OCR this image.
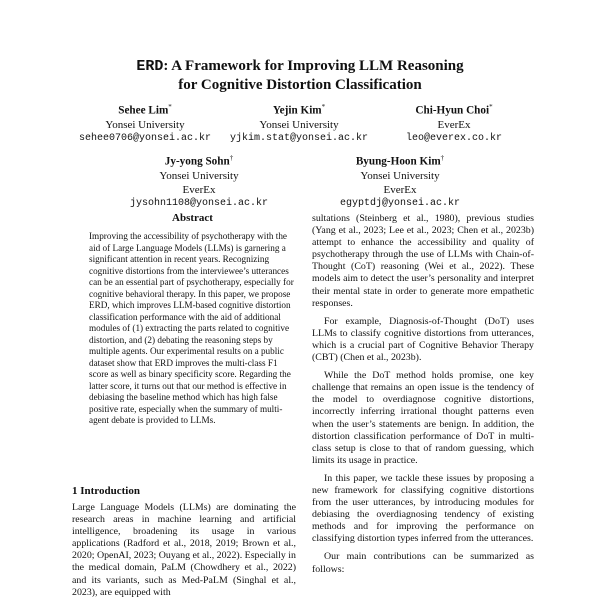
ERD: A Framework for Improving LLM Reasoning
for Cognitive Distortion Classification
Sehee Lim*
Yonsei University
sehee0706@yonsei.ac.kr
Yejin Kim*
Yonsei University
yjkim.stat@yonsei.ac.kr
Chi-Hyun Choi*
EverEx
leo@everex.co.kr
Jy-yong Sohn†
Yonsei University
EverEx
jysohn1108@yonsei.ac.kr
Byung-Hoon Kim†
Yonsei University
EverEx
egyptdj@yonsei.ac.kr
Abstract
Improving the accessibility of psychotherapy with the aid of Large Language Models (LLMs) is garnering a significant attention in recent years. Recognizing cognitive distortions from the interviewee’s utterances can be an essential part of psychotherapy, especially for cognitive behavioral therapy. In this paper, we propose ERD, which improves LLM-based cognitive distortion classification performance with the aid of additional modules of (1) extracting the parts related to cognitive distortion, and (2) debating the reasoning steps by multiple agents. Our experimental results on a public dataset show that ERD improves the multi-class F1 score as well as binary specificity score. Regarding the latter score, it turns out that our method is effective in debiasing the baseline method which has high false positive rate, especially when the summary of multi-agent debate is provided to LLMs.
1 Introduction
Large Language Models (LLMs) are dominating the research areas in machine learning and artificial intelligence, broadening its usage in various applications (Radford et al., 2018, 2019; Brown et al., 2020; OpenAI, 2023; Ouyang et al., 2022). Especially in the medical domain, PaLM (Chowdhery et al., 2022) and its variants, such as Med-PaLM (Singhal et al., 2023), are equipped with

sultations (Steinberg et al., 1980), previous studies (Yang et al., 2023; Lee et al., 2023; Chen et al., 2023b) attempt to enhance the accessibility and quality of psychotherapy through the use of LLMs with Chain-of-Thought (CoT) reasoning (Wei et al., 2022). These models aim to detect the user’s personality and interpret their mental state in order to generate more empathetic responses.

For example, Diagnosis-of-Thought (DoT) uses LLMs to classify cognitive distortions from utterances, which is a crucial part of Cognitive Behavior Therapy (CBT) (Chen et al., 2023b).

While the DoT method holds promise, one key challenge that remains an open issue is the tendency of the model to overdiagnose cognitive distortions, incorrectly inferring irrational thought patterns even when the user’s statements are benign. In addition, the distortion classification performance of DoT in multi-class setup is close to that of random guessing, which limits its usage in practice.

In this paper, we tackle these issues by proposing a new framework for classifying cognitive distortions from the user utterances, by introducing modules for debiasing the overdiagnosing tendency of existing methods and for improving the performance on classifying distortion types inferred from the utterances.

Our main contributions can be summarized as follows:
